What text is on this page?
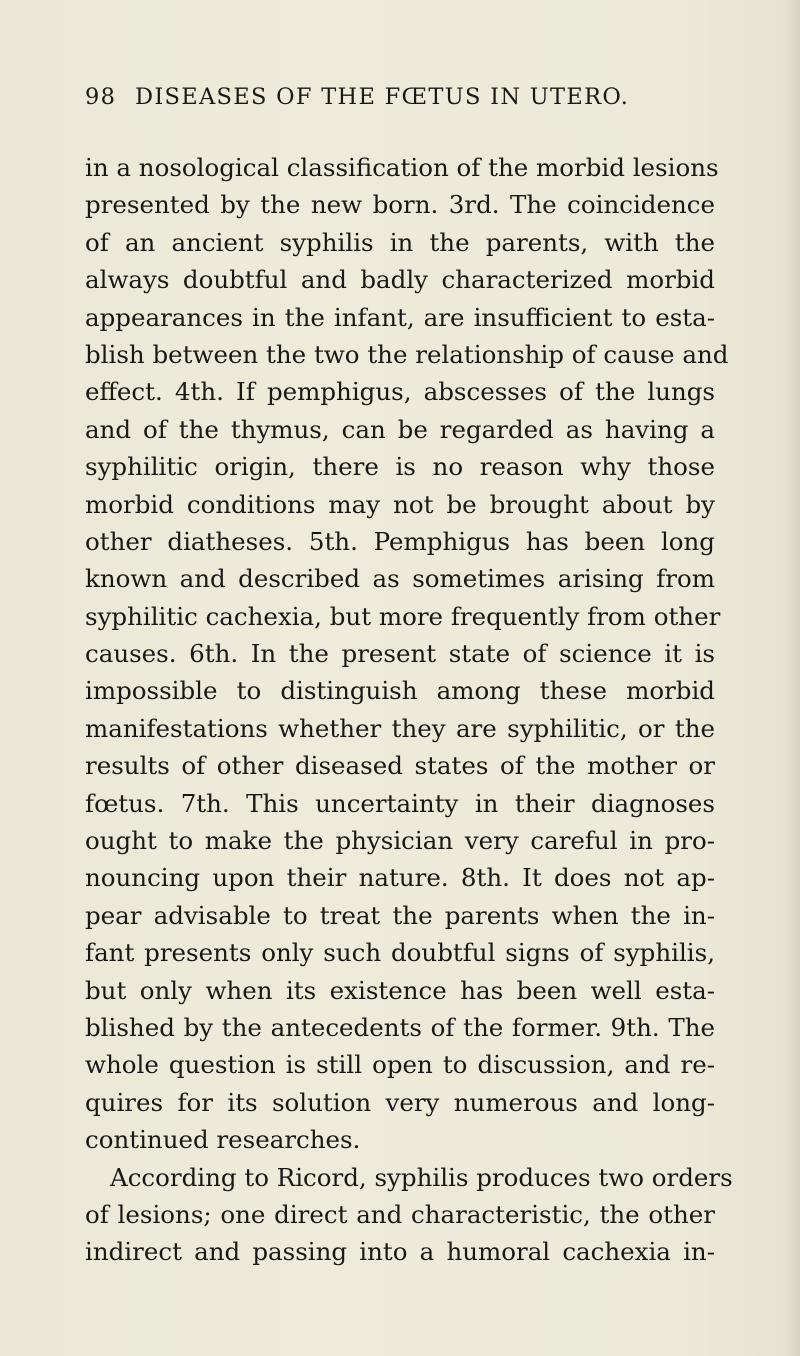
98 DISEASES OF THE FŒTUS IN UTERO.
in a nosological classification of the morbid lesions
presented by the new born. 3rd. The coincidence
of an ancient syphilis in the parents, with the
always doubtful and badly characterized morbid
appearances in the infant, are insufficient to esta-
blish between the two the relationship of cause and
effect. 4th. If pemphigus, abscesses of the lungs
and of the thymus, can be regarded as having a
syphilitic origin, there is no reason why those
morbid conditions may not be brought about by
other diatheses. 5th. Pemphigus has been long
known and described as sometimes arising from
syphilitic cachexia, but more frequently from other
causes. 6th. In the present state of science it is
impossible to distinguish among these morbid
manifestations whether they are syphilitic, or the
results of other diseased states of the mother or
fœtus. 7th. This uncertainty in their diagnoses
ought to make the physician very careful in pro-
nouncing upon their nature. 8th. It does not ap-
pear advisable to treat the parents when the in-
fant presents only such doubtful signs of syphilis,
but only when its existence has been well esta-
blished by the antecedents of the former. 9th. The
whole question is still open to discussion, and re-
quires for its solution very numerous and long-
continued researches.
According to Ricord, syphilis produces two orders
of lesions; one direct and characteristic, the other
indirect and passing into a humoral cachexia in-
